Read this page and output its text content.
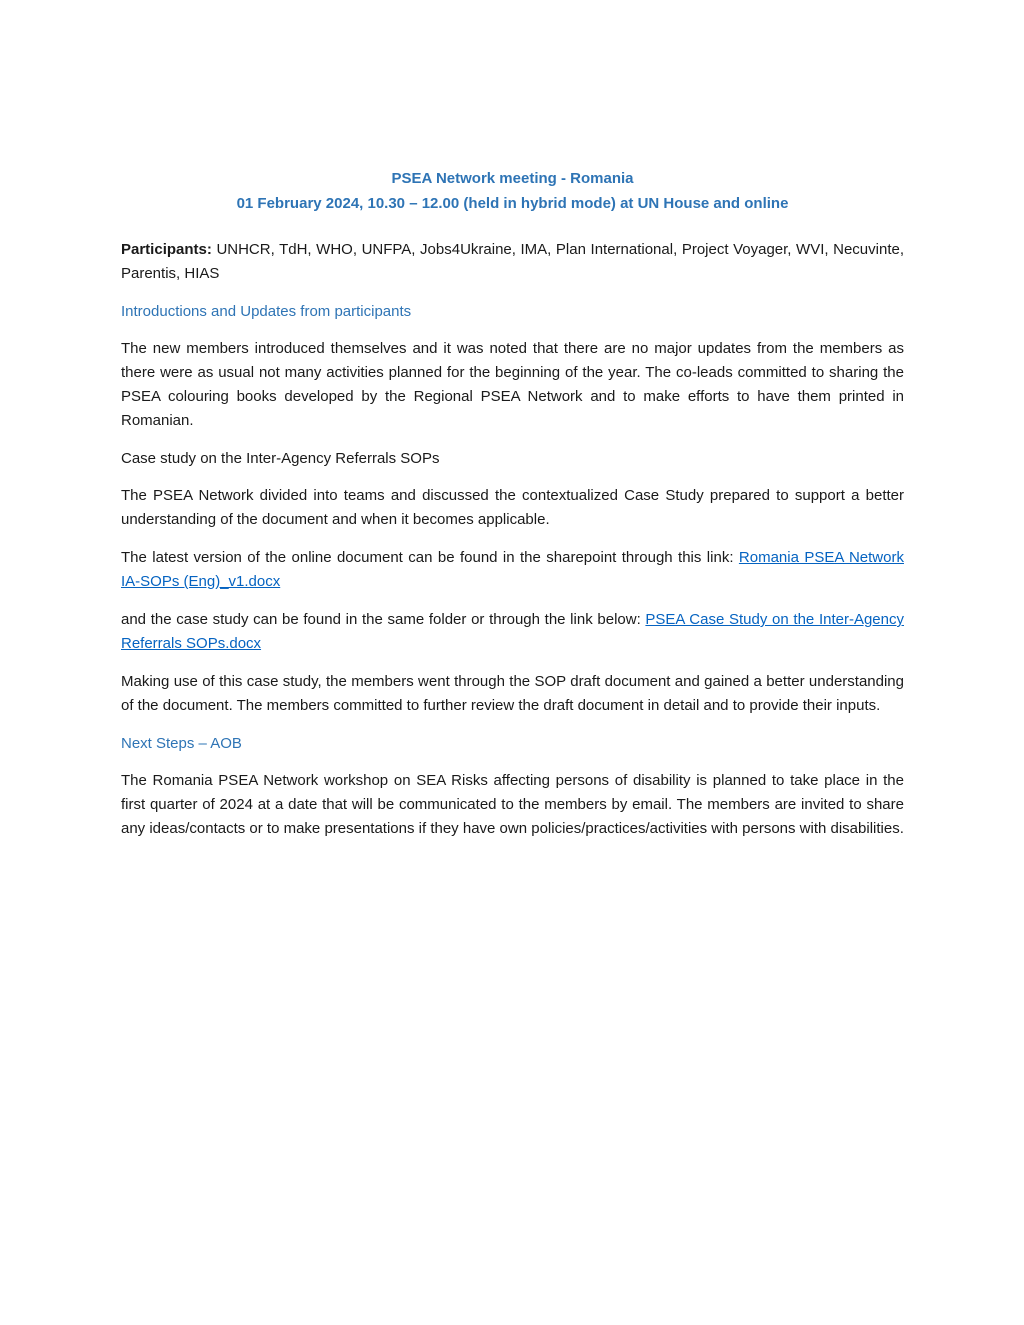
PSEA Network meeting - Romania
01 February 2024, 10.30 – 12.00 (held in hybrid mode) at UN House and online

Participants: UNHCR, TdH, WHO, UNFPA, Jobs4Ukraine, IMA, Plan International, Project Voyager, WVI, Necuvinte, Parentis, HIAS

Introductions and Updates from participants

The new members introduced themselves and it was noted that there are no major updates from the members as there were as usual not many activities planned for the beginning of the year. The co-leads committed to sharing the PSEA colouring books developed by the Regional PSEA Network and to make efforts to have them printed in Romanian.

Case study on the Inter-Agency Referrals SOPs

The PSEA Network divided into teams and discussed the contextualized Case Study prepared to support a better understanding of the document and when it becomes applicable.

The latest version of the online document can be found in the sharepoint through this link: Romania PSEA Network IA-SOPs (Eng)_v1.docx

and the case study can be found in the same folder or through the link below: PSEA Case Study on the Inter-Agency Referrals SOPs.docx

Making use of this case study, the members went through the SOP draft document and gained a better understanding of the document. The members committed to further review the draft document in detail and to provide their inputs.

Next Steps – AOB

The Romania PSEA Network workshop on SEA Risks affecting persons of disability is planned to take place in the first quarter of 2024 at a date that will be communicated to the members by email. The members are invited to share any ideas/contacts or to make presentations if they have own policies/practices/activities with persons with disabilities.
